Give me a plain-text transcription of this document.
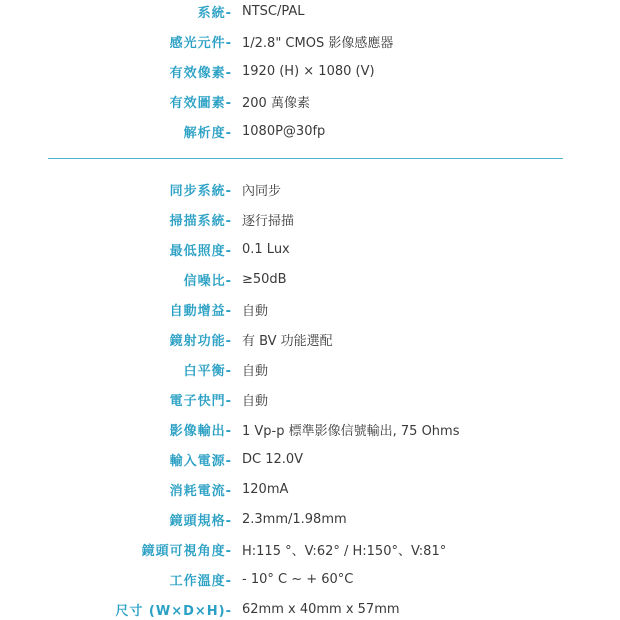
系統- NTSC/PAL
感光元件- 1/2.8" CMOS 影像感應器
有效像素- 1920 (H) × 1080 (V)
有效圖素- 200 萬像素
解析度- 1080P@30fp
同步系統- 內同步
掃描系統- 逐行掃描
最低照度- 0.1 Lux
信噪比- ≥50dB
自動增益- 自動
鏡射功能- 有 BV 功能選配
白平衡- 自動
電子快門- 自動
影像輸出- 1 Vp-p 標準影像信號輸出, 75 Ohms
輸入電源- DC 12.0V
消耗電流- 120mA
鏡頭規格- 2.3mm/1.98mm
鏡頭可視角度- H:115 °、V:62° / H:150°、V:81°
工作溫度- - 10° C ~ + 60°C
尺寸 (W×D×H)- 62mm x 40mm x 57mm
